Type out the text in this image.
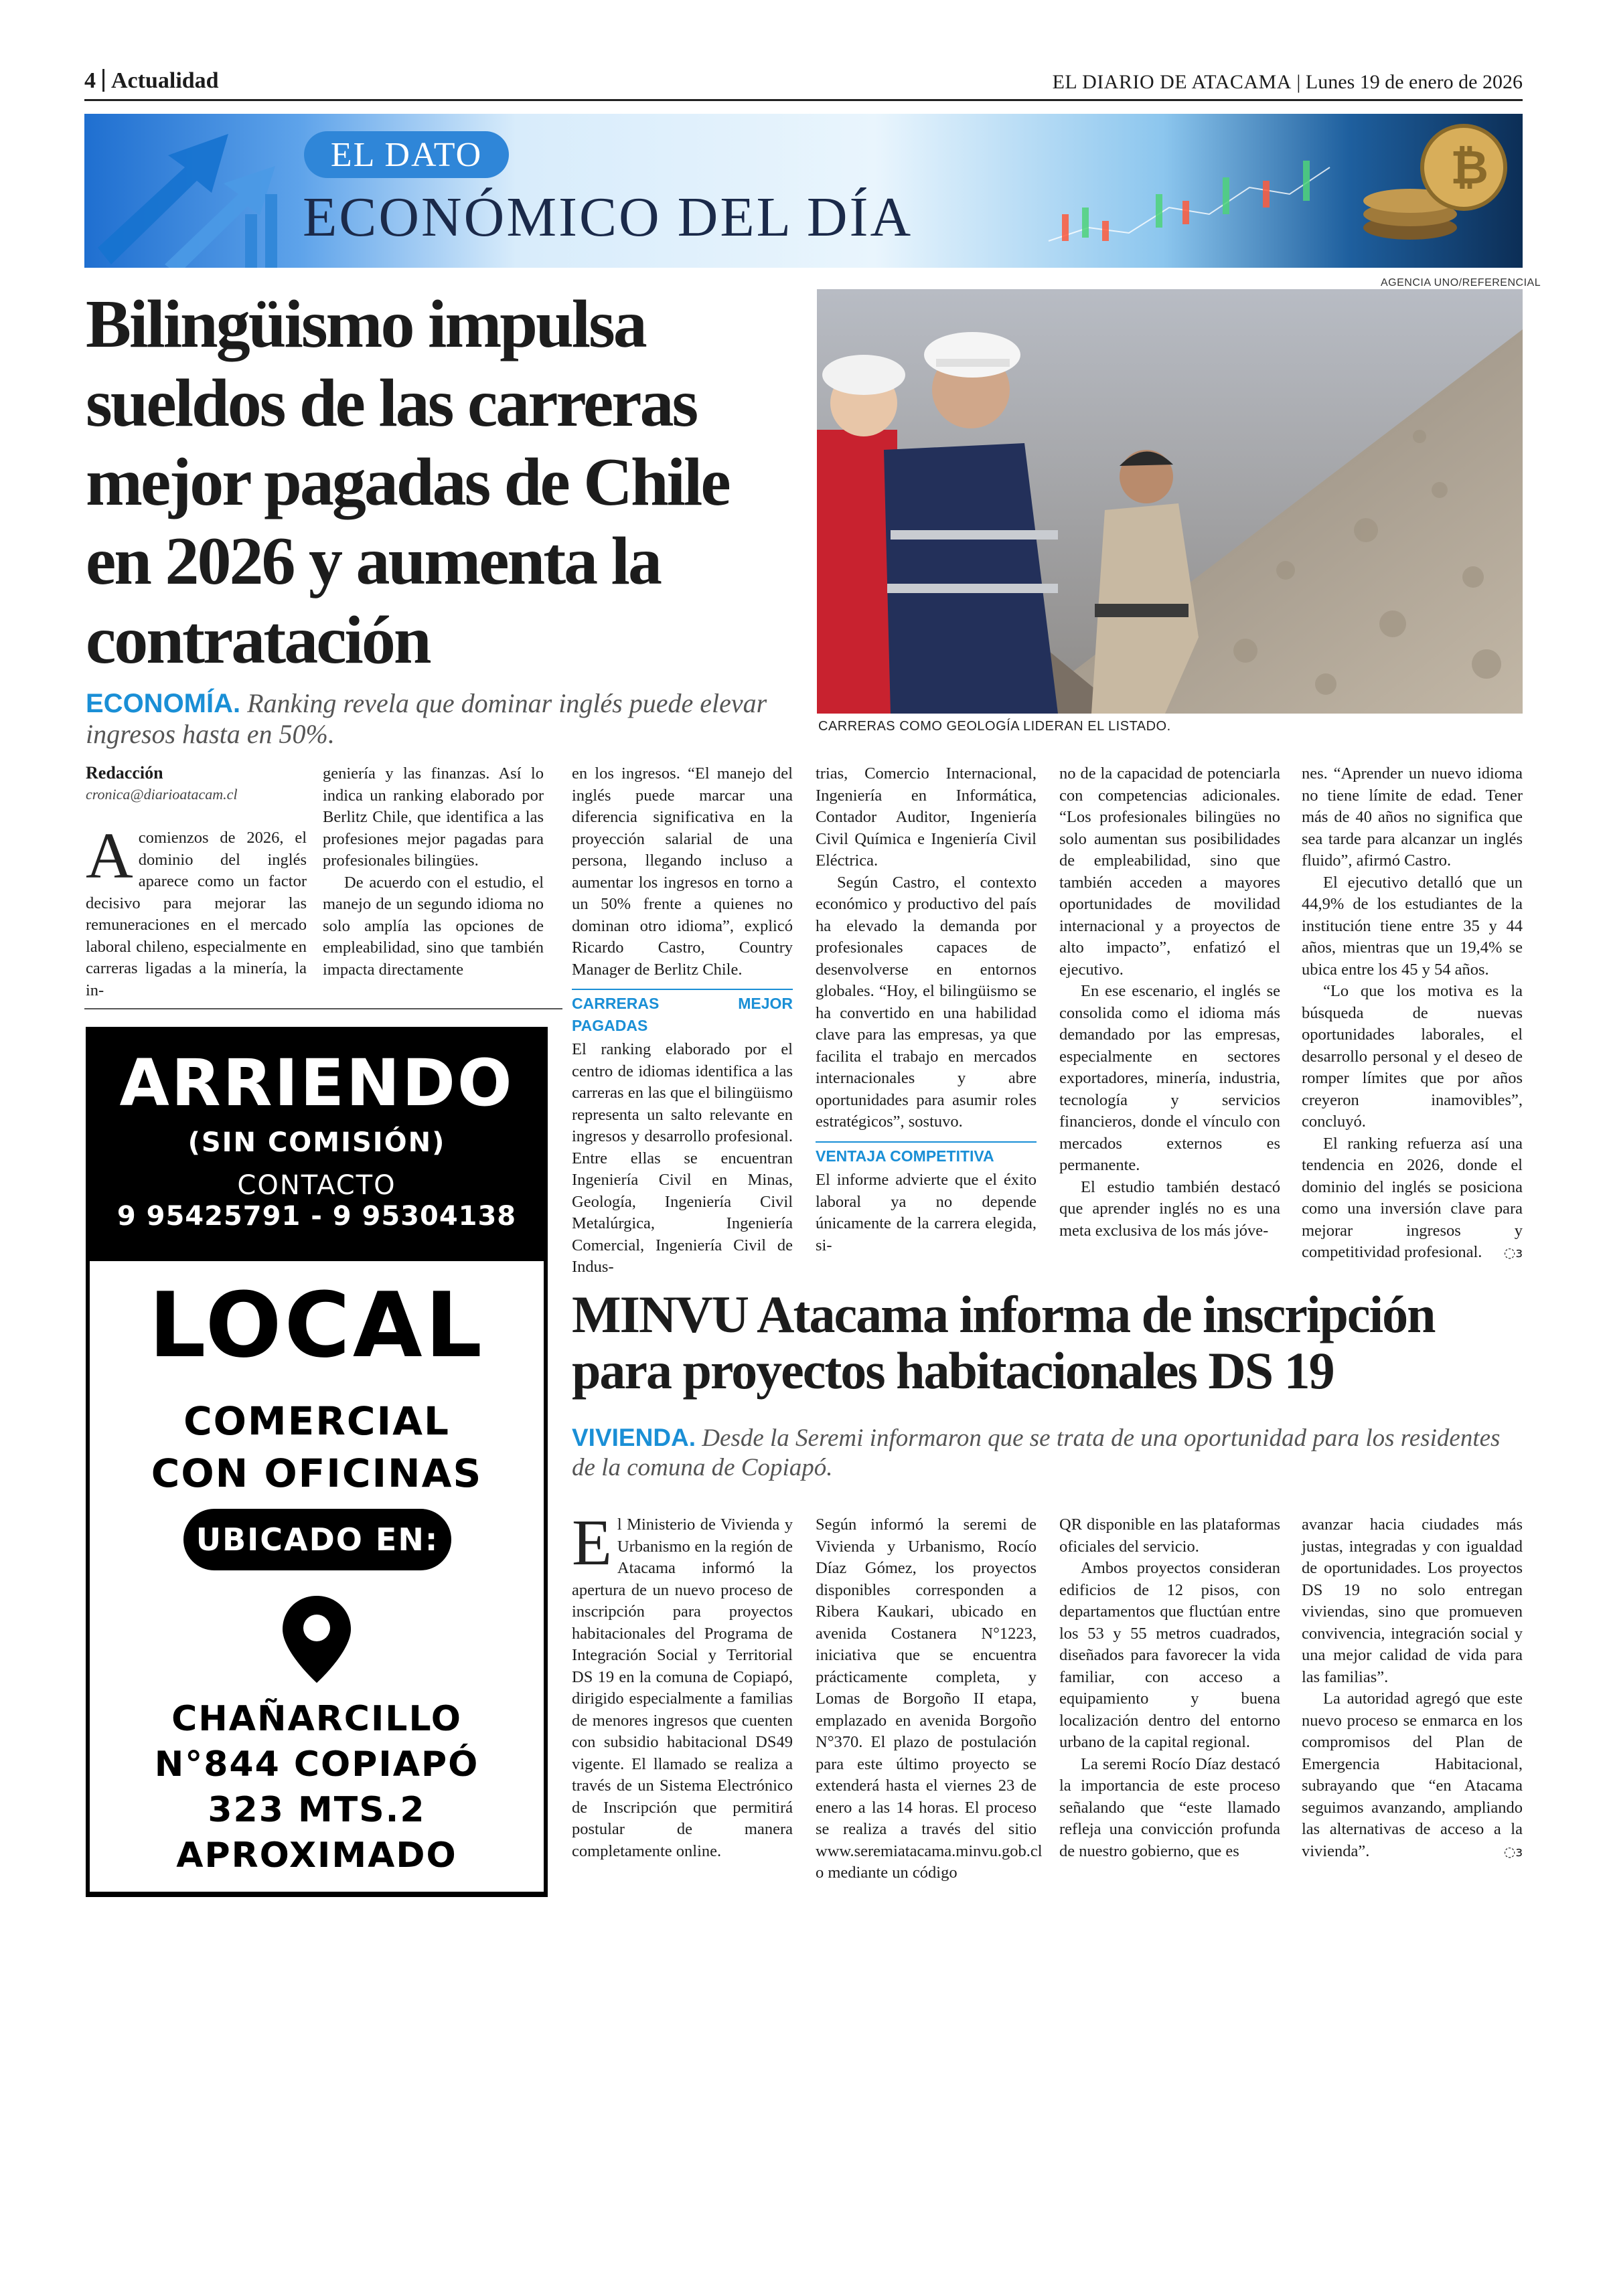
4 Actualidad	EL DIARIO DE ATACAMA | Lunes 19 de enero de 2026
₿
EL DATO
ECONÓMICO DEL DÍA
AGENCIA UNO/REFERENCIAL
Bilingüismo impulsa sueldos de las carreras mejor pagadas de Chile en 2026 y aumenta la contratación
ECONOMÍA. Ranking revela que dominar inglés puede elevar ingresos hasta en 50%.	CARRERAS COMO GEOLOGÍA LIDERAN EL LISTADO.
Redacción
cronica@diarioatacam.cl

Acomienzos de 2026, el dominio del inglés aparece como un factor decisivo para mejorar las remuneraciones en el mercado laboral chileno, especialmente en carreras ligadas a la minería, la in-

geniería y las finanzas. Así lo indica un ranking elaborado por Berlitz Chile, que identifica a las profesiones mejor pagadas para profesionales bilingües.

De acuerdo con el estudio, el manejo de un segundo idioma no solo amplía las opciones de empleabilidad, sino que también impacta directamente

en los ingresos. “El manejo del inglés puede marcar una diferencia significativa en la proyección salarial de una persona, llegando incluso a aumentar los ingresos en torno a un 50% frente a quienes no dominan otro idioma”, explicó Ricardo Castro, Country Manager de Berlitz Chile.

CARRERAS MEJOR PAGADAS

El ranking elaborado por el centro de idiomas identifica a las carreras en las que el bilingüismo representa un salto relevante en ingresos y desarrollo profesional. Entre ellas se encuentran Ingeniería Civil en Minas, Geología, Ingeniería Civil Metalúrgica, Ingeniería Comercial, Ingeniería Civil de Indus-

trias, Comercio Internacional, Ingeniería en Informática, Contador Auditor, Ingeniería Civil Química e Ingeniería Civil Eléctrica.

Según Castro, el contexto económico y productivo del país ha elevado la demanda por profesionales capaces de desenvolverse en entornos globales. “Hoy, el bilingüismo se ha convertido en una habilidad clave para las empresas, ya que facilita el trabajo en mercados internacionales y abre oportunidades para asumir roles estratégicos”, sostuvo.

VENTAJA COMPETITIVA

El informe advierte que el éxito laboral ya no depende únicamente de la carrera elegida, si-

no de la capacidad de potenciarla con competencias adicionales. “Los profesionales bilingües no solo aumentan sus posibilidades de empleabilidad, sino que también acceden a mayores oportunidades de movilidad internacional y a proyectos de alto impacto”, enfatizó el ejecutivo.

En ese escenario, el inglés se consolida como el idioma más demandado por las empresas, especialmente en sectores exportadores, minería, industria, tecnología y servicios financieros, donde el vínculo con mercados externos es permanente.

El estudio también destacó que aprender inglés no es una meta exclusiva de los más jóve-

nes. “Aprender un nuevo idioma no tiene límite de edad. Tener más de 40 años no significa que sea tarde para alcanzar un inglés fluido”, afirmó Castro.

El ejecutivo detalló que un 44,9% de los estudiantes de la institución tiene entre 35 y 44 años, mientras que un 19,4% se ubica entre los 45 y 54 años.

“Lo que los motiva es la búsqueda de nuevas oportunidades laborales, el desarrollo personal y el deseo de romper límites que por años creyeron inamovibles”, concluyó.

El ranking refuerza así una tendencia en 2026, donde el dominio del inglés se posiciona como una inversión clave para mejorar ingresos y competitividad profesional.	◌ɜ

ARRIENDO
(SIN COMISIÓN)
CONTACTO
9 95425791 - 9 95304138
LOCAL
COMERCIAL
CON OFICINAS
UBICADO EN:
CHAÑARCILLO
N°844 COPIAPÓ
323 MTS.2
APROXIMADO
MINVU Atacama informa de inscripción para proyectos habitacionales DS 19
VIVIENDA. Desde la Seremi informaron que se trata de una oportunidad para los residentes de la comuna de Copiapó.

El Ministerio de Vivienda y Urbanismo en la región de Atacama informó la apertura de un nuevo proceso de inscripción para proyectos habitacionales del Programa de Integración Social y Territorial DS 19 en la comuna de Copiapó, dirigido especialmente a familias de menores ingresos que cuenten con subsidio habitacional DS49 vigente. El llamado se realiza a través de un Sistema Electrónico de Inscripción que permitirá postular de manera completamente online.

Según informó la seremi de Vivienda y Urbanismo, Rocío Díaz Gómez, los proyectos disponibles corresponden a Ribera Kaukari, ubicado en avenida Costanera N°1223, iniciativa que se encuentra prácticamente completa, y Lomas de Borgoño II etapa, emplazado en avenida Borgoño N°370. El plazo de postulación para este último proyecto se extenderá hasta el viernes 23 de enero a las 14 horas. El proceso se realiza a través del sitio www.seremiatacama.minvu.gob.cl o mediante un código

QR disponible en las plataformas oficiales del servicio.

Ambos proyectos consideran edificios de 12 pisos, con departamentos que fluctúan entre los 53 y 55 metros cuadrados, diseñados para favorecer la vida familiar, con acceso a equipamiento y buena localización dentro del entorno urbano de la capital regional.

La seremi Rocío Díaz destacó la importancia de este proceso señalando que “este llamado refleja una convicción profunda de nuestro gobierno, que es

avanzar hacia ciudades más justas, integradas y con igualdad de oportunidades. Los proyectos DS 19 no solo entregan viviendas, sino que promueven convivencia, integración social y una mejor calidad de vida para las familias”.

La autoridad agregó que este nuevo proceso se enmarca en los compromisos del Plan de Emergencia Habitacional, subrayando que “en Atacama seguimos avanzando, ampliando las alternativas de acceso a la vivienda”.	◌ɜ
